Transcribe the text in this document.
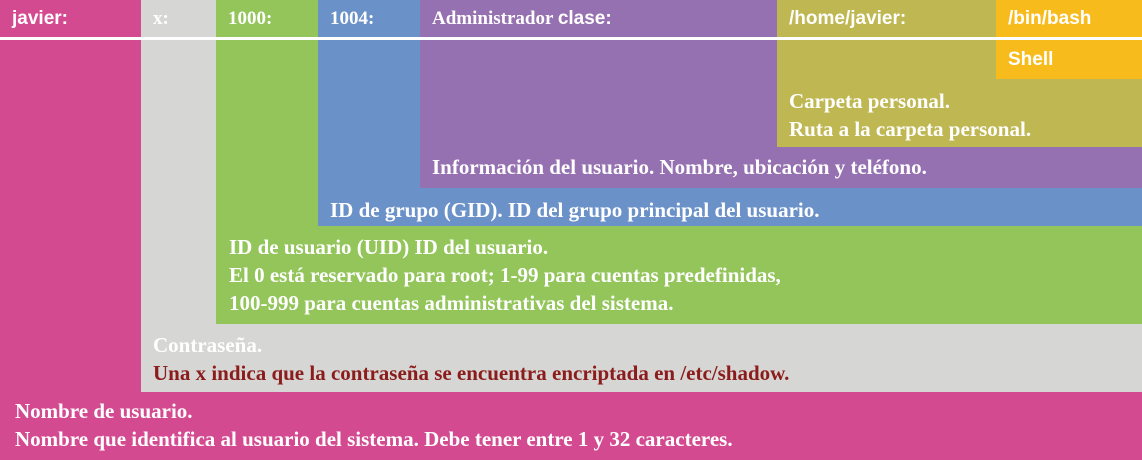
javier:	x:	1000:	1004:	Administrador clase:	/home/javier:	/bin/bash
Shell
Carpeta personal.
Ruta a la carpeta personal.
Información del usuario. Nombre, ubicación y teléfono.
ID de grupo (GID). ID del grupo principal del usuario.
ID de usuario (UID) ID del usuario.
El 0 está reservado para root; 1-99 para cuentas predefinidas,
100-999 para cuentas administrativas del sistema.
Contraseña.
Una x indica que la contraseña se encuentra encriptada en /etc/shadow.
Nombre de usuario.
Nombre que identifica al usuario del sistema. Debe tener entre 1 y 32 caracteres.
